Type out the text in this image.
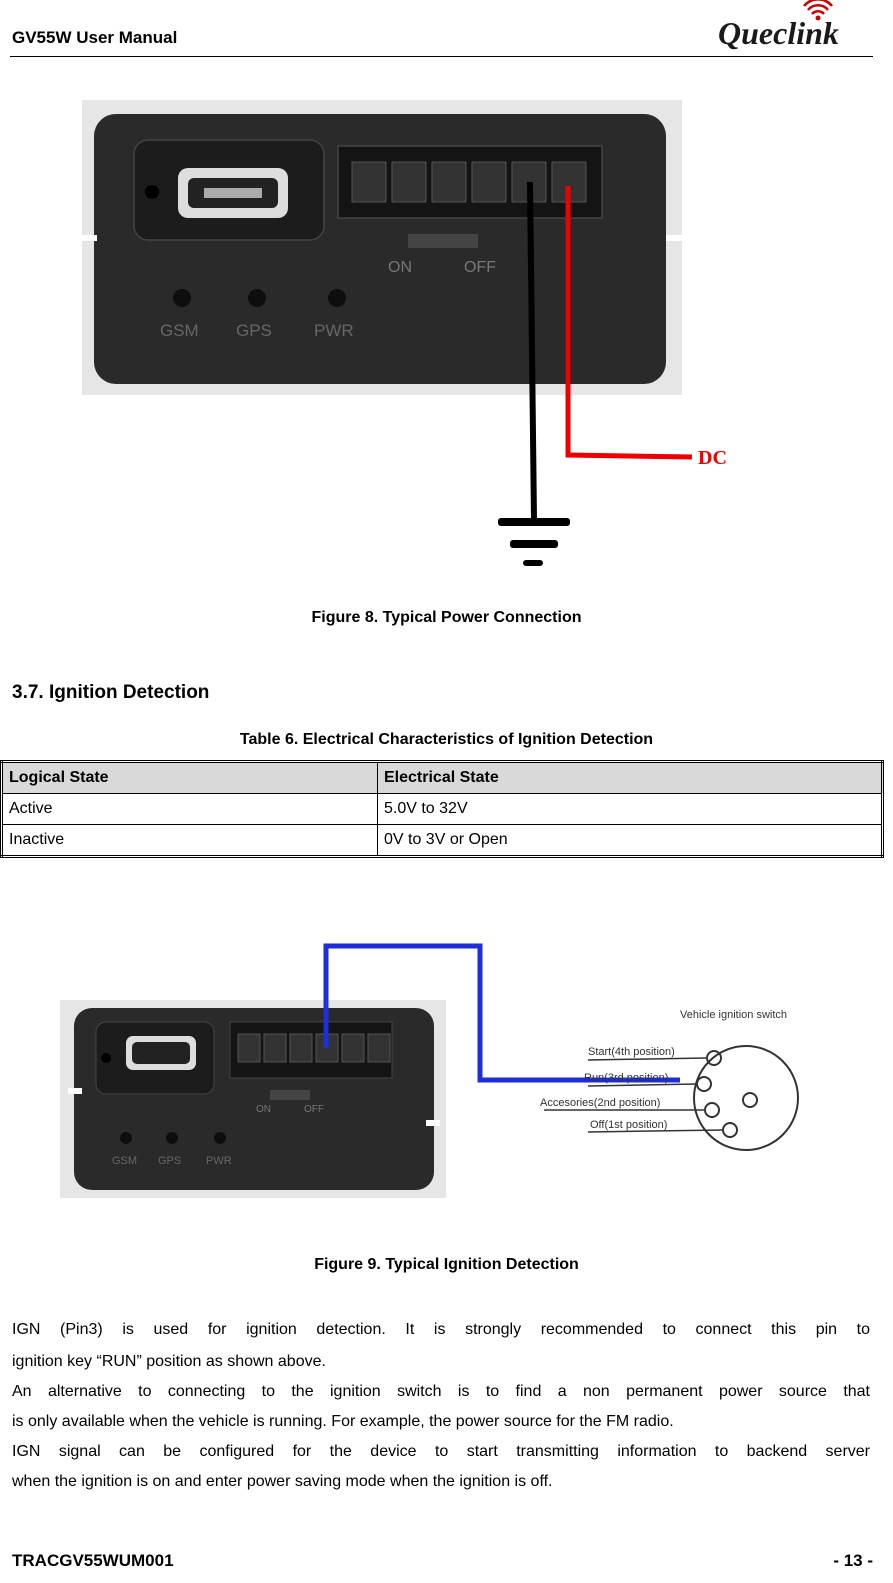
GV55W User Manual	Queclink
ON	OFF
GSM GPS PWR
DC
Figure 8. Typical Power Connection
3.7. Ignition Detection
Table 6. Electrical Characteristics of Ignition Detection
Logical State	Electrical State
Active	5.0V to 32V
Inactive	0V to 3V or Open
ON	OFF
GSM GPS PWR
Vehicle ignition switch
Start(4th position)
Run(3rd position)
Accesories(2nd position)
Off(1st position)
Figure 9. Typical Ignition Detection
IGN (Pin3) is used for ignition detection. It is strongly recommended to connect this pin to
ignition key “RUN” position as shown above.
An alternative to connecting to the ignition switch is to find a non permanent power source that
is only available when the vehicle is running. For example, the power source for the FM radio.
IGN signal can be configured for the device to start transmitting information to backend server
when the ignition is on and enter power saving mode when the ignition is off.
TRACGV55WUM001	- 13 -
